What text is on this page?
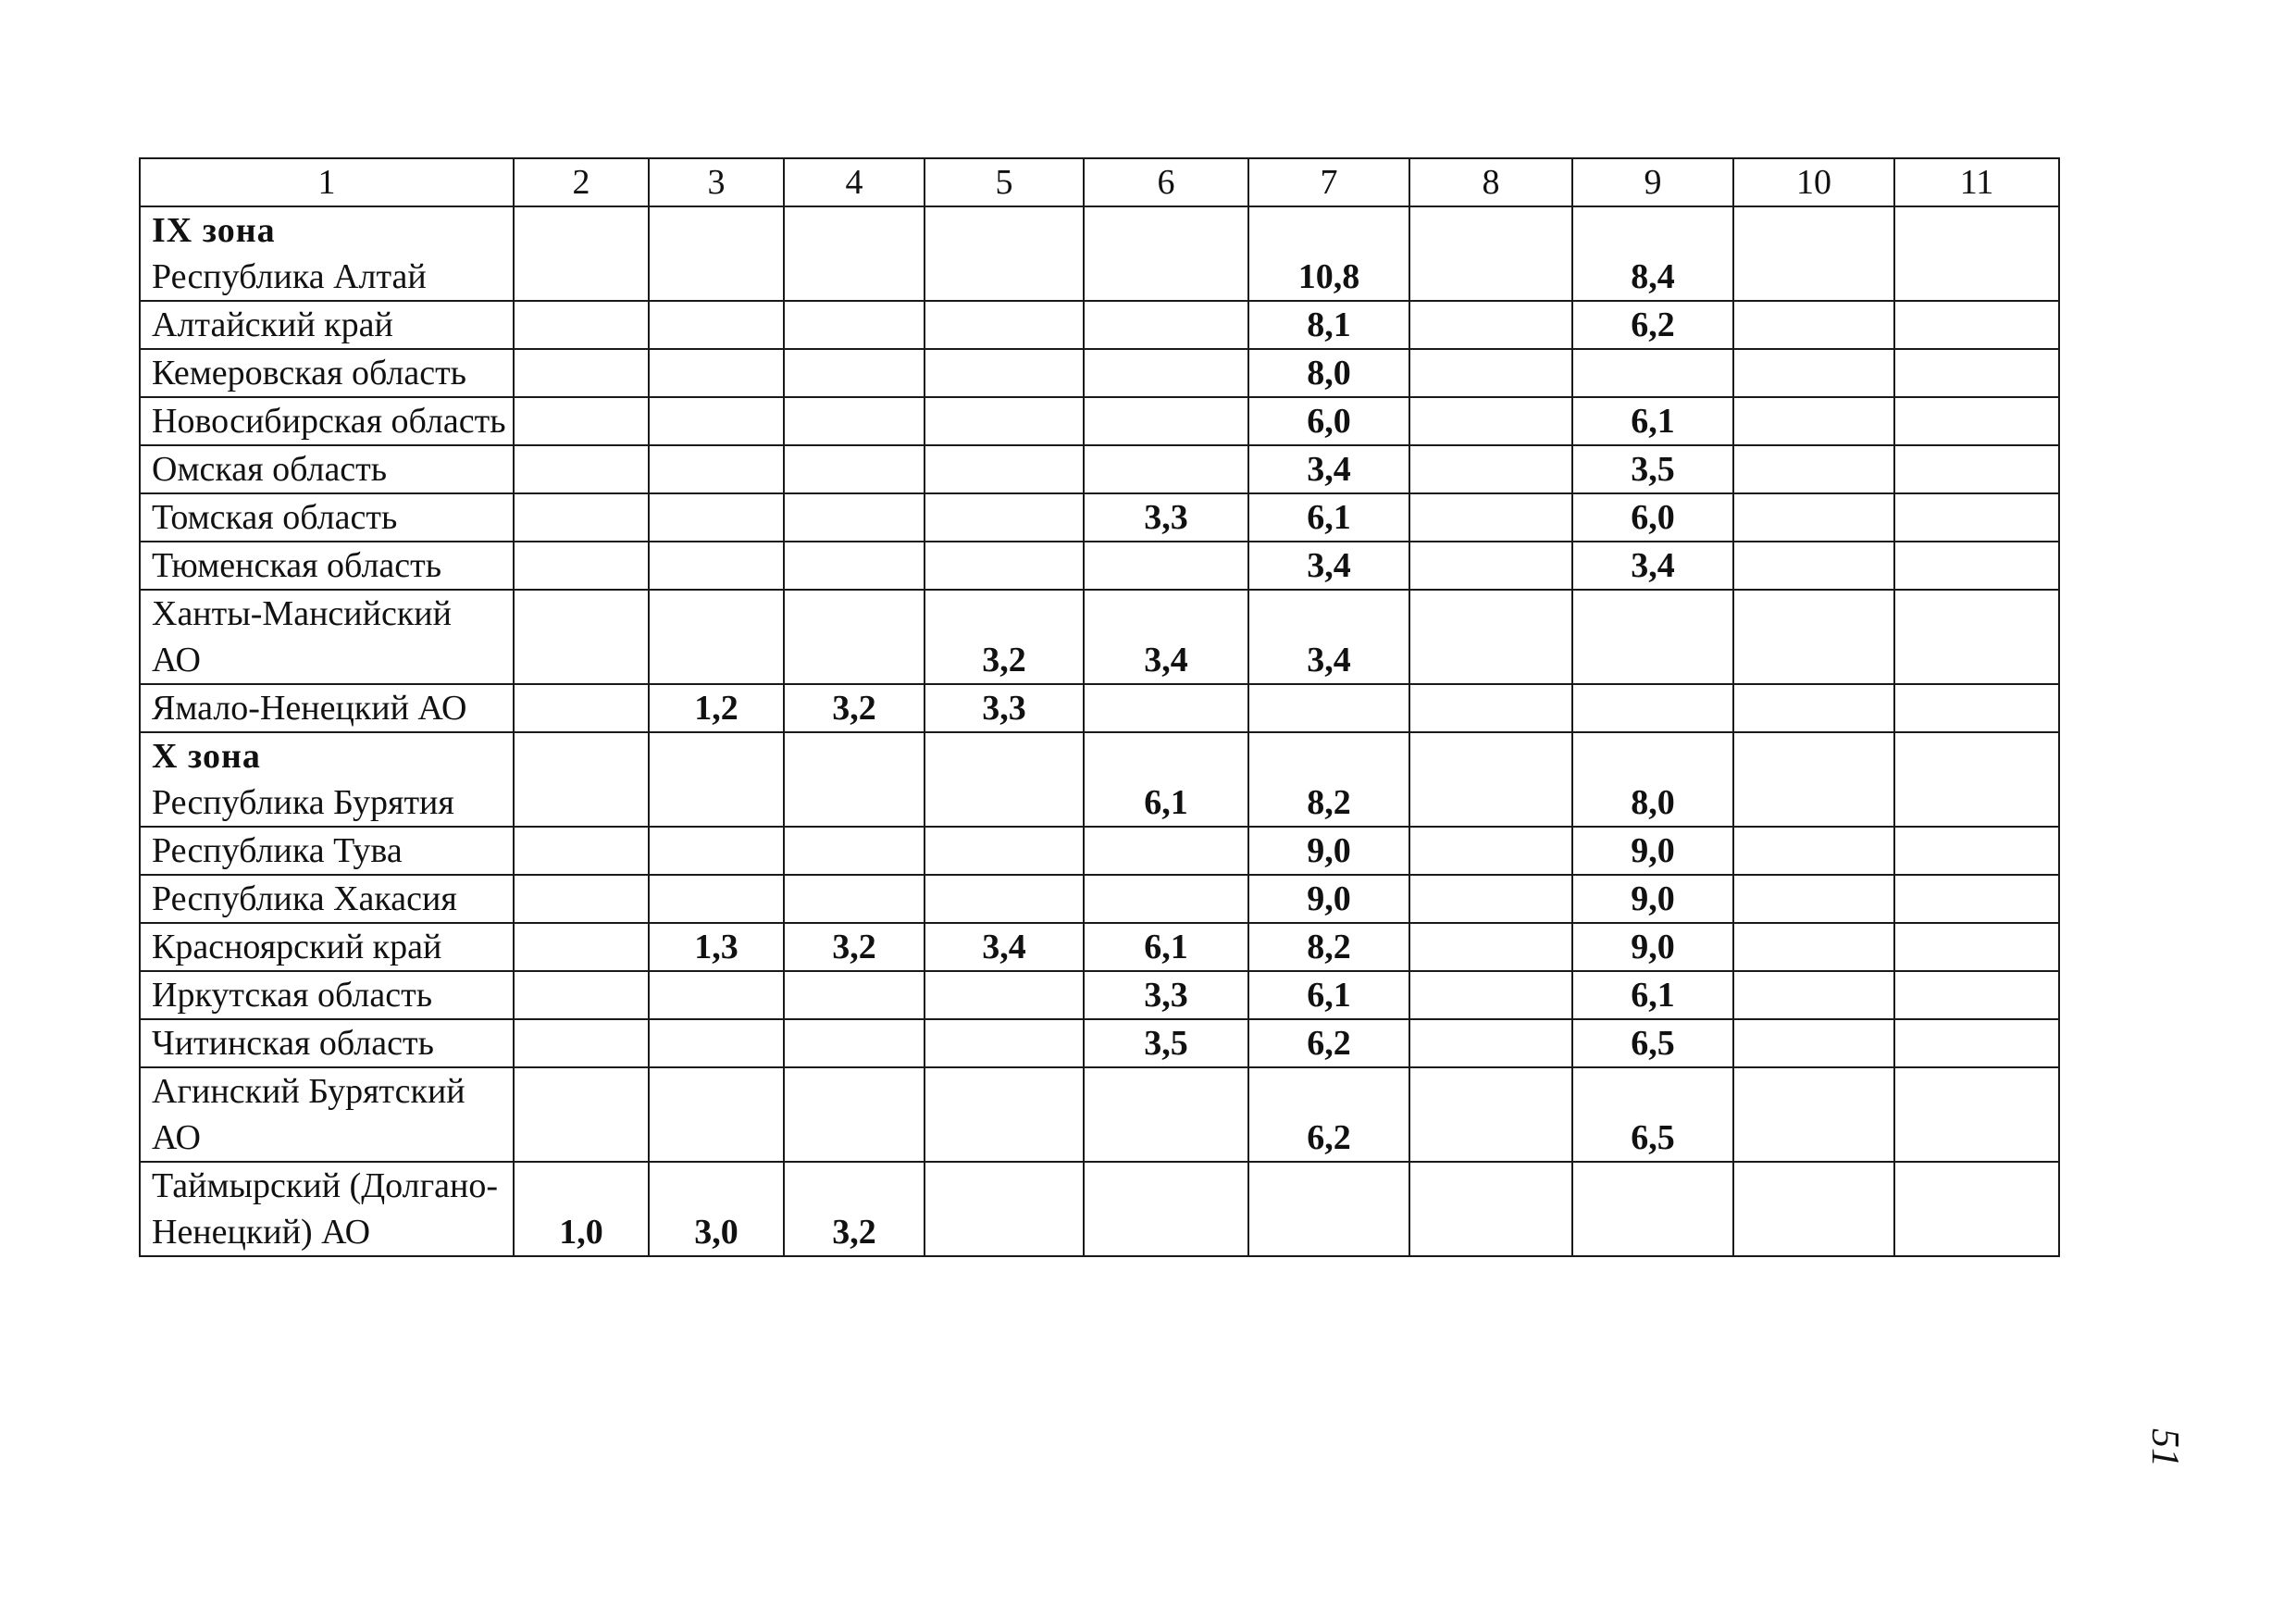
1	2	3	4	5	6	7	8	9	10	11

IX зона
Республика Алтай						10,8		8,4		

Алтайский край						8,1		6,2		

Кемеровская область						8,0				

Новосибирская область						6,0		6,1		

Омская область						3,4		3,5		

Томская область					3,3	6,1		6,0		

Тюменская область						3,4		3,4		

Ханты-Мансийский АО				3,2	3,4	3,4				

Ямало-Ненецкий АО		1,2	3,2	3,3						

X зона
Республика Бурятия					6,1	8,2		8,0		

Республика Тува						9,0		9,0		

Республика Хакасия						9,0		9,0		

Красноярский край		1,3	3,2	3,4	6,1	8,2		9,0		

Иркутская область					3,3	6,1		6,1		

Читинская область					3,5	6,2		6,5		

Агинский Бурятский АО						6,2		6,5		

Таймырский (Долгано-Ненецкий) АО	1,0	3,0	3,2							
51
